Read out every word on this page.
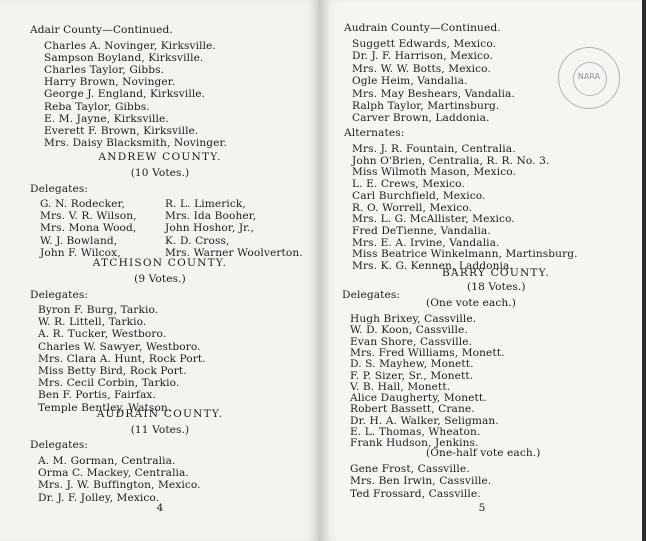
Adair County—Continued.
Charles A. Novinger, Kirksville.
Sampson Boyland, Kirksville.
Charles Taylor, Gibbs.
Harry Brown, Novinger.
George J. England, Kirksville.
Reba Taylor, Gibbs.
E. M. Jayne, Kirksville.
Everett F. Brown, Kirksville.
Mrs. Daisy Blacksmith, Novinger.
ANDREW COUNTY.
(10 Votes.)
Delegates:
G. N. Rodecker,
Mrs. V. R. Wilson,
Mrs. Mona Wood,
W. J. Bowland,
John F. Wilcox,
R. L. Limerick,
Mrs. Ida Booher,
John Hoshor, Jr.,
K. D. Cross,
Mrs. Warner Woolverton.
ATCHISON COUNTY.
(9 Votes.)
Delegates:
Byron F. Burg, Tarkio.
W. R. Littell, Tarkio.
A. R. Tucker, Westboro.
Charles W. Sawyer, Westboro.
Mrs. Clara A. Hunt, Rock Port.
Miss Betty Bird, Rock Port.
Mrs. Cecil Corbin, Tarkio.
Ben F. Portis, Fairfax.
Temple Bentley, Watson.
AUDRAIN COUNTY.
(11 Votes.)
Delegates:
A. M. Gorman, Centralia.
Orma C. Mackey, Centralia.
Mrs. J. W. Buffington, Mexico.
Dr. J. F. Jolley, Mexico.
4
Audrain County—Continued.
Suggett Edwards, Mexico.
Dr. J. F. Harrison, Mexico.
Mrs. W. W. Botts, Mexico.
Ogle Heim, Vandalia.
Mrs. May Beshears, Vandalia.
Ralph Taylor, Martinsburg.
Carver Brown, Laddonia.
NARA
Alternates:
Mrs. J. R. Fountain, Centralia.
John O'Brien, Centralia, R. R. No. 3.
Miss Wilmoth Mason, Mexico.
L. E. Crews, Mexico.
Carl Burchfield, Mexico.
R. O. Worrell, Mexico.
Mrs. L. G. McAllister, Mexico.
Fred DeTienne, Vandalia.
Mrs. E. A. Irvine, Vandalia.
Miss Beatrice Winkelmann, Martinsburg.
Mrs. K. G. Kennen, Laddonia.
BARRY COUNTY.
(18 Votes.)
Delegates:
(One vote each.)
Hugh Brixey, Cassville.
W. D. Koon, Cassville.
Evan Shore, Cassville.
Mrs. Fred Williams, Monett.
D. S. Mayhew, Monett.
F. P. Sizer, Sr., Monett.
V. B. Hall, Monett.
Alice Daugherty, Monett.
Robert Bassett, Crane.
Dr. H. A. Walker, Seligman.
E. L. Thomas, Wheaton.
Frank Hudson, Jenkins.
(One-half vote each.)
Gene Frost, Cassville.
Mrs. Ben Irwin, Cassville.
Ted Frossard, Cassville.
5
